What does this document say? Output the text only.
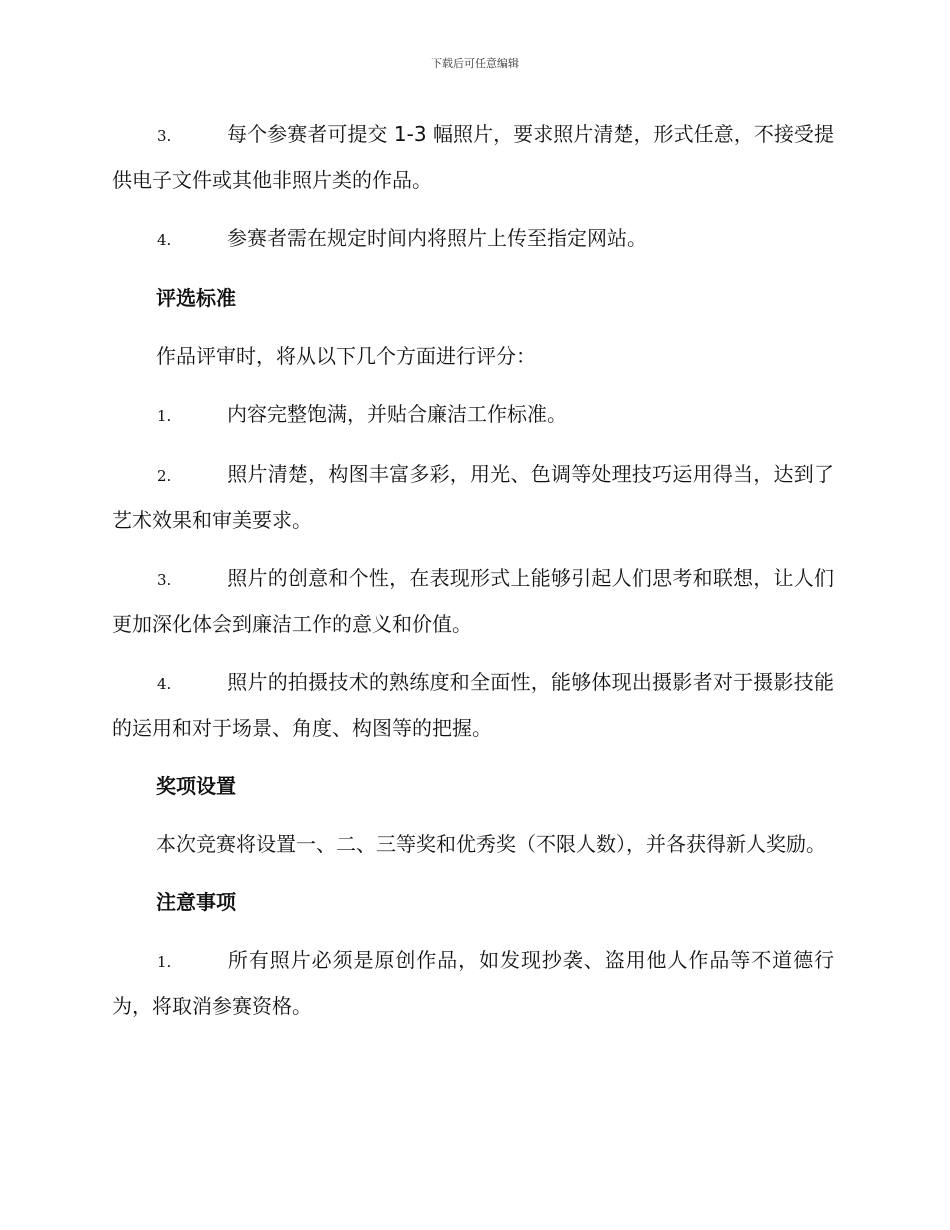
下载后可任意编辑

3.	每个参赛者可提交 1-3 幅照片，要求照片清楚，形式任意，不接受提供电子文件或其他非照片类的作品。

4.	参赛者需在规定时间内将照片上传至指定网站。

评选标准

作品评审时，将从以下几个方面进行评分：

1.	内容完整饱满，并贴合廉洁工作标准。

2.	照片清楚，构图丰富多彩，用光、色调等处理技巧运用得当，达到了艺术效果和审美要求。

3.	照片的创意和个性，在表现形式上能够引起人们思考和联想，让人们更加深化体会到廉洁工作的意义和价值。

4.	照片的拍摄技术的熟练度和全面性，能够体现出摄影者对于摄影技能的运用和对于场景、角度、构图等的把握。

奖项设置

本次竞赛将设置一、二、三等奖和优秀奖（不限人数），并各获得新人奖励。

注意事项

1.	所有照片必须是原创作品，如发现抄袭、盗用他人作品等不道德行为，将取消参赛资格。
